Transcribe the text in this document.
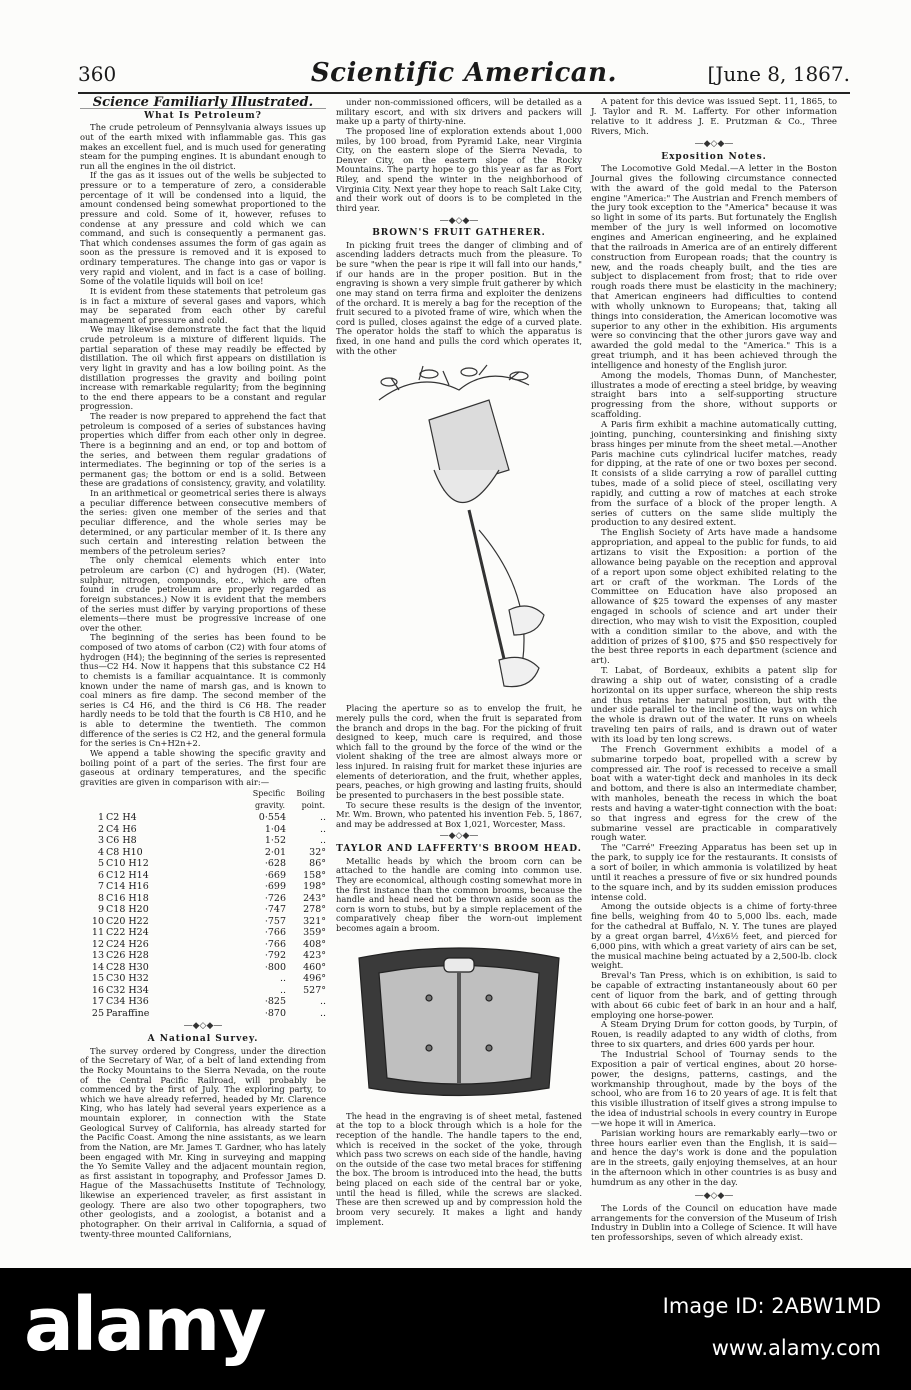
360	Scientific American.	[June 8, 1867.
Science Familiarly Illustrated.
What Is Petroleum?

The crude petroleum of Pennsylvania always issues up out of the earth mixed with inflammable gas. This gas makes an excellent fuel, and is much used for generating steam for the pumping engines. It is abundant enough to run all the engines in the oil district.

If the gas as it issues out of the wells be subjected to pressure or to a temperature of zero, a considerable percentage of it will be condensed into a liquid, the amount condensed being somewhat proportioned to the pressure and cold. Some of it, however, refuses to condense at any pressure and cold which we can command, and such is consequently a permanent gas. That which condenses assumes the form of gas again as soon as the pressure is removed and it is exposed to ordinary temperatures. The change into gas or vapor is very rapid and violent, and in fact is a case of boiling. Some of the volatile liquids will boil on ice!

It is evident from these statements that petroleum gas is in fact a mixture of several gases and vapors, which may be separated from each other by careful management of pressure and cold.

We may likewise demonstrate the fact that the liquid crude petroleum is a mixture of different liquids. The partial separation of these may readily be effected by distillation. The oil which first appears on distillation is very light in gravity and has a low boiling point. As the distillation progresses the gravity and boiling point increase with remarkable regularity; from the beginning to the end there appears to be a constant and regular progression.

The reader is now prepared to apprehend the fact that petroleum is composed of a series of substances having properties which differ from each other only in degree. There is a beginning and an end, or top and bottom of the series, and between them regular gradations of intermediates. The beginning or top of the series is a permanent gas; the bottom or end is a solid. Between these are gradations of consistency, gravity, and volatility.

In an arithmetical or geometrical series there is always a peculiar difference between consecutive members of the series: given one member of the series and that peculiar difference, and the whole series may be determined, or any particular member of it. Is there any such certain and interesting relation between the members of the petroleum series?

The only chemical elements which enter into petroleum are carbon (C) and hydrogen (H). (Water, sulphur, nitrogen, compounds, etc., which are often found in crude petroleum are properly regarded as foreign substances.) Now it is evident that the members of the series must differ by varying proportions of these elements—there must be progressive increase of one over the other.

The beginning of the series has been found to be composed of two atoms of carbon (C2) with four atoms of hydrogen (H4); the beginning of the series is represented thus—C2 H4. Now it happens that this substance C2 H4 to chemists is a familiar acquaintance. It is commonly known under the name of marsh gas, and is known to coal miners as fire damp. The second member of the series is C4 H6, and the third is C6 H8. The reader hardly needs to be told that the fourth is C8 H10, and he is able to determine the twentieth. The common difference of the series is C2 H2, and the general formula for the series is Cn+H2n+2.

We append a table showing the specific gravity and boiling point of a part of the series. The first four are gaseous at ordinary temperatures, and the specific gravities are given in comparison with air:—

		Specific gravity.	Boiling point.
1	C2 H4	0·554	..
2	C4 H6	1·04	..
3	C6 H8	1·52	..
4	C8 H10	2·01	32°
5	C10 H12	·628	86°
6	C12 H14	·669	158°
7	C14 H16	·699	198°
8	C16 H18	·726	243°
9	C18 H20	·747	278°
10	C20 H22	·757	321°
11	C22 H24	·766	359°
12	C24 H26	·766	408°
13	C26 H28	·792	423°
14	C28 H30	·800	460°
15	C30 H32	..	496°
16	C32 H34	..	527°
17	C34 H36	·825	..
25	Paraffine	·870	..
—◆◇◆—
A National Survey.

The survey ordered by Congress, under the direction of the Secretary of War, of a belt of land extending from the Rocky Mountains to the Sierra Nevada, on the route of the Central Pacific Railroad, will probably be commenced by the first of July. The exploring party, to which we have already referred, headed by Mr. Clarence King, who has lately had several years experience as a mountain explorer, in connection with the State Geological Survey of California, has already started for the Pacific Coast. Among the nine assistants, as we learn from the Nation, are Mr. James T. Gardner, who has lately been engaged with Mr. King in surveying and mapping the Yo Semite Valley and the adjacent mountain region, as first assistant in topography, and Professor James D. Hague of the Massachusetts Institute of Technology, likewise an experienced traveler, as first assistant in geology. There are also two other topographers, two other geologists, and a zoologist, a botanist and a photographer. On their arrival in California, a squad of twenty-three mounted Californians,

under non-commissioned officers, will be detailed as a military escort, and with six drivers and packers will make up a party of thirty-nine.

The proposed line of exploration extends about 1,000 miles, by 100 broad, from Pyramid Lake, near Virginia City, on the eastern slope of the Sierra Nevada, to Denver City, on the eastern slope of the Rocky Mountains. The party hope to go this year as far as Fort Riley, and spend the winter in the neighborhood of Virginia City. Next year they hope to reach Salt Lake City, and their work out of doors is to be completed in the third year.

—◆◇◆—
BROWN'S FRUIT GATHERER.

In picking fruit trees the danger of climbing and of ascending ladders detracts much from the pleasure. To be sure "when the pear is ripe it will fall into our hands," if our hands are in the proper position. But in the engraving is shown a very simple fruit gatherer by which one may stand on terra firma and exploiter the denizens of the orchard. It is merely a bag for the reception of the fruit secured to a pivoted frame of wire, which when the cord is pulled, closes against the edge of a curved plate. The operator holds the staff to which the apparatus is fixed, in one hand and pulls the cord which operates it, with the other

Placing the aperture so as to envelop the fruit, he merely pulls the cord, when the fruit is separated from the branch and drops in the bag. For the picking of fruit designed to keep, much care is required, and those which fall to the ground by the force of the wind or the violent shaking of the tree are almost always more or less injured. In raising fruit for market these injuries are elements of deterioration, and the fruit, whether apples, pears, peaches, or high growing and lasting fruits, should be presented to purchasers in the best possible state.

To secure these results is the design of the inventor, Mr. Wm. Brown, who patented his invention Feb. 5, 1867, and may be addressed at Box 1,021, Worcester, Mass.

—◆◇◆—
TAYLOR AND LAFFERTY'S BROOM HEAD.

Metallic heads by which the broom corn can be attached to the handle are coming into common use. They are economical, although costing somewhat more in the first instance than the common brooms, because the handle and head need not be thrown aside soon as the corn is worn to stubs, but by a simple replacement of the comparatively cheap fiber the worn-out implement becomes again a broom.

The head in the engraving is of sheet metal, fastened at the top to a block through which is a hole for the reception of the handle. The handle tapers to the end, which is received in the socket of the yoke, through which pass two screws on each side of the handle, having on the outside of the case two metal braces for stiffening the box. The broom is introduced into the head, the butts being placed on each side of the central bar or yoke, until the head is filled, while the screws are slacked. These are then screwed up and by compression hold the broom very securely. It makes a light and handy implement.

A patent for this device was issued Sept. 11, 1865, to J. Taylor and R. M. Lafferty. For other information relative to it address J. E. Prutzman & Co., Three Rivers, Mich.

—◆◇◆—
Exposition Notes.

The Locomotive Gold Medal.—A letter in the Boston Journal gives the following circumstance connected with the award of the gold medal to the Paterson engine "America:" The Austrian and French members of the jury took exception to the "America" because it was so light in some of its parts. But fortunately the English member of the jury is well informed on locomotive engines and American engineering, and he explained that the railroads in America are of an entirely different construction from European roads; that the country is new, and the roads cheaply built, and the ties are subject to displacement from frost; that to ride over rough roads there must be elasticity in the machinery; that American engineers had difficulties to contend with wholly unknown to Europeans; that, taking all things into consideration, the American locomotive was superior to any other in the exhibition. His arguments were so convincing that the other jurors gave way and awarded the gold medal to the "America." This is a great triumph, and it has been achieved through the intelligence and honesty of the English juror.

Among the models, Thomas Dunn, of Manchester, illustrates a mode of erecting a steel bridge, by weaving straight bars into a self-supporting structure progressing from the shore, without supports or scaffolding.

A Paris firm exhibit a machine automatically cutting, jointing, punching, countersinking and finishing sixty brass hinges per minute from the sheet metal.—Another Paris machine cuts cylindrical lucifer matches, ready for dipping, at the rate of one or two boxes per second. It consists of a slide carrying a row of parallel cutting tubes, made of a solid piece of steel, oscillating very rapidly, and cutting a row of matches at each stroke from the surface of a block of the proper length. A series of cutters on the same slide multiply the production to any desired extent.

The English Society of Arts have made a handsome appropriation, and appeal to the public for funds, to aid artizans to visit the Exposition: a portion of the allowance being payable on the reception and approval of a report upon some object exhibited relating to the art or craft of the workman. The Lords of the Committee on Education have also proposed an allowance of $25 toward the expenses of any master engaged in schools of science and art under their direction, who may wish to visit the Exposition, coupled with a condition similar to the above, and with the addition of prizes of $100, $75 and $50 respectively for the best three reports in each department (science and art).

T. Labat, of Bordeaux, exhibits a patent slip for drawing a ship out of water, consisting of a cradle horizontal on its upper surface, whereon the ship rests and thus retains her natural position, but with the under side parallel to the incline of the ways on which the whole is drawn out of the water. It runs on wheels traveling ten pairs of rails, and is drawn out of water with its load by ten long screws.

The French Government exhibits a model of a submarine torpedo boat, propelled with a screw by compressed air. The roof is recessed to receive a small boat with a water-tight deck and manholes in its deck and bottom, and there is also an intermediate chamber, with manholes, beneath the recess in which the boat rests and having a water-tight connection with the boat: so that ingress and egress for the crew of the submarine vessel are practicable in comparatively rough water.

The "Carré" Freezing Apparatus has been set up in the park, to supply ice for the restaurants. It consists of a sort of boiler, in which ammonia is volatilized by heat until it reaches a pressure of five or six hundred pounds to the square inch, and by its sudden emission produces intense cold.

Among the outside objects is a chime of forty-three fine bells, weighing from 40 to 5,000 lbs. each, made for the cathedral at Buffalo, N. Y. The tunes are played by a great organ barrel, 4½x6½ feet, and pierced for 6,000 pins, with which a great variety of airs can be set, the musical machine being actuated by a 2,500-lb. clock weight.

Breval's Tan Press, which is on exhibition, is said to be capable of extracting instantaneously about 60 per cent of liquor from the bark, and of getting through with about 66 cubic feet of bark in an hour and a half, employing one horse-power.

A Steam Drying Drum for cotton goods, by Turpin, of Rouen, is readily adapted to any width of cloths, from three to six quarters, and dries 600 yards per hour.

The Industrial School of Tournay sends to the Exposition a pair of vertical engines, about 20 horse-power, the designs, patterns, castings, and the workmanship throughout, made by the boys of the school, who are from 16 to 20 years of age. It is felt that this visible illustration of itself gives a strong impulse to the idea of industrial schools in every country in Europe—we hope it will in America.

Parisian working hours are remarkably early—two or three hours earlier even than the English, it is said—and hence the day's work is done and the population are in the streets, gaily enjoying themselves, at an hour in the afternoon which in other countries is as busy and humdrum as any other in the day.

—◆◇◆—

The Lords of the Council on education have made arrangements for the conversion of the Museum of Irish Industry in Dublin into a College of Science. It will have ten professorships, seven of which already exist.

alamy	Image ID: 2ABW1MD
www.alamy.com
